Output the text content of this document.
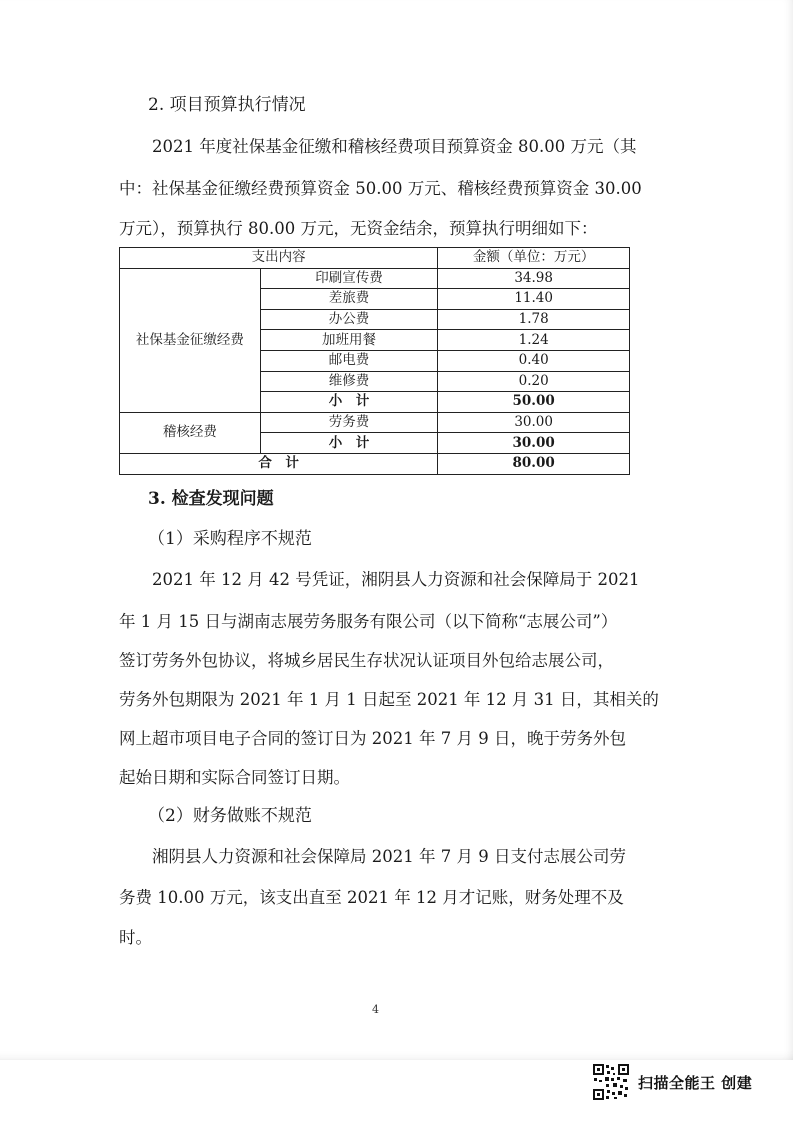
2. 项目预算执行情况
2021 年度社保基金征缴和稽核经费项目预算资金 80.00 万元（其
中：社保基金征缴经费预算资金 50.00 万元、稽核经费预算资金 30.00
万元），预算执行 80.00 万元，无资金结余，预算执行明细如下：
支出内容		金额（单位：万元）
社保基金征缴经费	印刷宣传费	34.98
	差旅费	11.40
	办公费	1.78
	加班用餐	1.24
	邮电费	0.40
	维修费	0.20
	小　计	50.00
稽核经费	劳务费	30.00
	小　计	30.00
合　计		80.00
3. 检查发现问题
（1）采购程序不规范
2021 年 12 月 42 号凭证，湘阴县人力资源和社会保障局于 2021
年 1 月 15 日与湖南志展劳务服务有限公司（以下简称“志展公司”）
签订劳务外包协议，将城乡居民生存状况认证项目外包给志展公司，
劳务外包期限为 2021 年 1 月 1 日起至 2021 年 12 月 31 日，其相关的
网上超市项目电子合同的签订日为 2021 年 7 月 9 日，晚于劳务外包
起始日期和实际合同签订日期。
（2）财务做账不规范
湘阴县人力资源和社会保障局 2021 年 7 月 9 日支付志展公司劳
务费 10.00 万元，该支出直至 2021 年 12 月才记账，财务处理不及
时。
4
扫描全能王 创建
